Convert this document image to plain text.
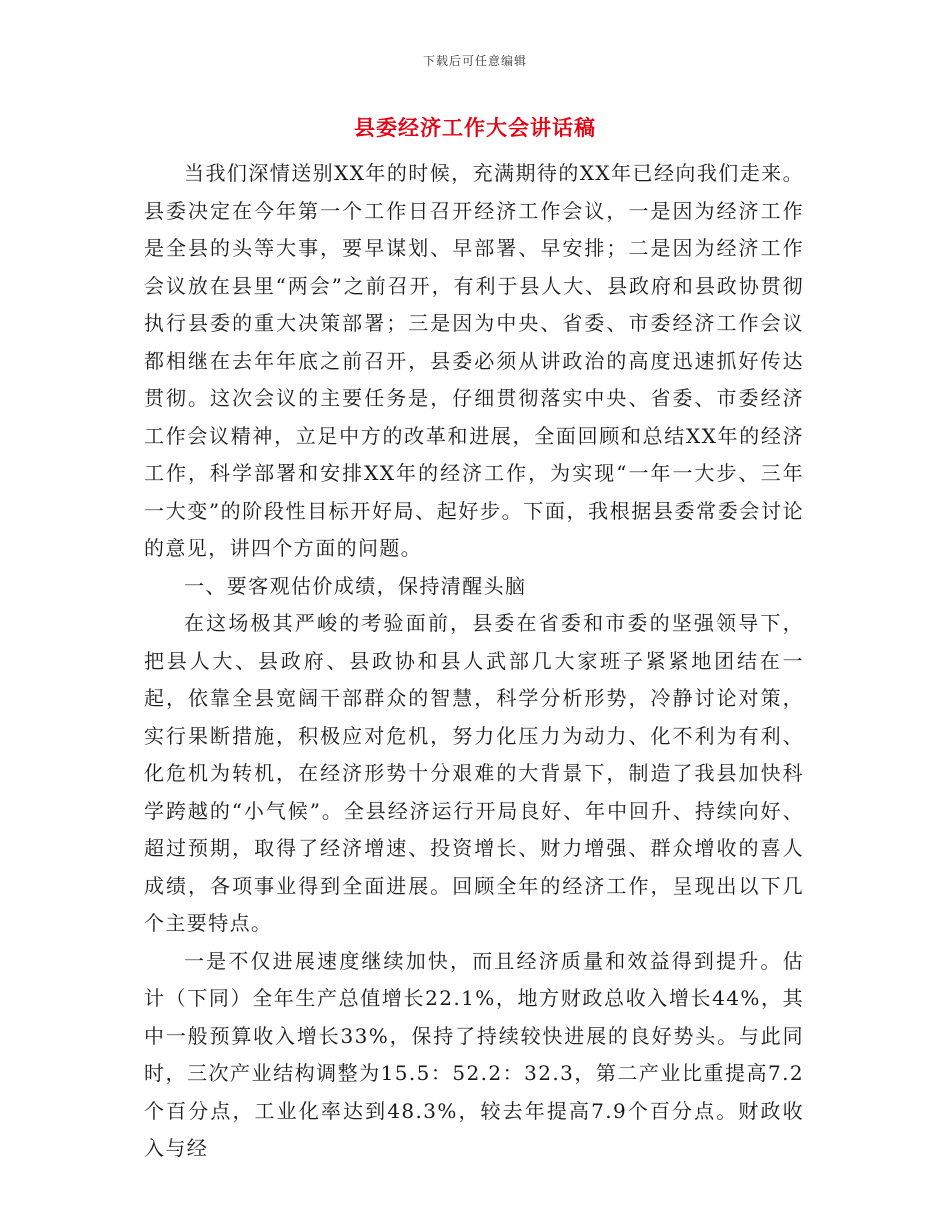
下载后可任意编辑
县委经济工作大会讲话稿

当我们深情送别XX年的时候，充满期待的XX年已经向我们走来。县委决定在今年第一个工作日召开经济工作会议，一是因为经济工作是全县的头等大事，要早谋划、早部署、早安排；二是因为经济工作会议放在县里“两会”之前召开，有利于县人大、县政府和县政协贯彻执行县委的重大决策部署；三是因为中央、省委、市委经济工作会议都相继在去年年底之前召开，县委必须从讲政治的高度迅速抓好传达贯彻。这次会议的主要任务是，仔细贯彻落实中央、省委、市委经济工作会议精神，立足中方的改革和进展，全面回顾和总结XX年的经济工作，科学部署和安排XX年的经济工作，为实现“一年一大步、三年一大变”的阶段性目标开好局、起好步。下面，我根据县委常委会讨论的意见，讲四个方面的问题。

一、要客观估价成绩，保持清醒头脑

在这场极其严峻的考验面前，县委在省委和市委的坚强领导下，把县人大、县政府、县政协和县人武部几大家班子紧紧地团结在一起，依靠全县宽阔干部群众的智慧，科学分析形势，冷静讨论对策，实行果断措施，积极应对危机，努力化压力为动力、化不利为有利、化危机为转机，在经济形势十分艰难的大背景下，制造了我县加快科学跨越的“小气候”。全县经济运行开局良好、年中回升、持续向好、超过预期，取得了经济增速、投资增长、财力增强、群众增收的喜人成绩，各项事业得到全面进展。回顾全年的经济工作，呈现出以下几个主要特点。

一是不仅进展速度继续加快，而且经济质量和效益得到提升。估计（下同）全年生产总值增长22.1%，地方财政总收入增长44%，其中一般预算收入增长33%，保持了持续较快进展的良好势头。与此同时，三次产业结构调整为15.5：52.2：32.3，第二产业比重提高7.2个百分点，工业化率达到48.3%，较去年提高7.9个百分点。财政收入与经
